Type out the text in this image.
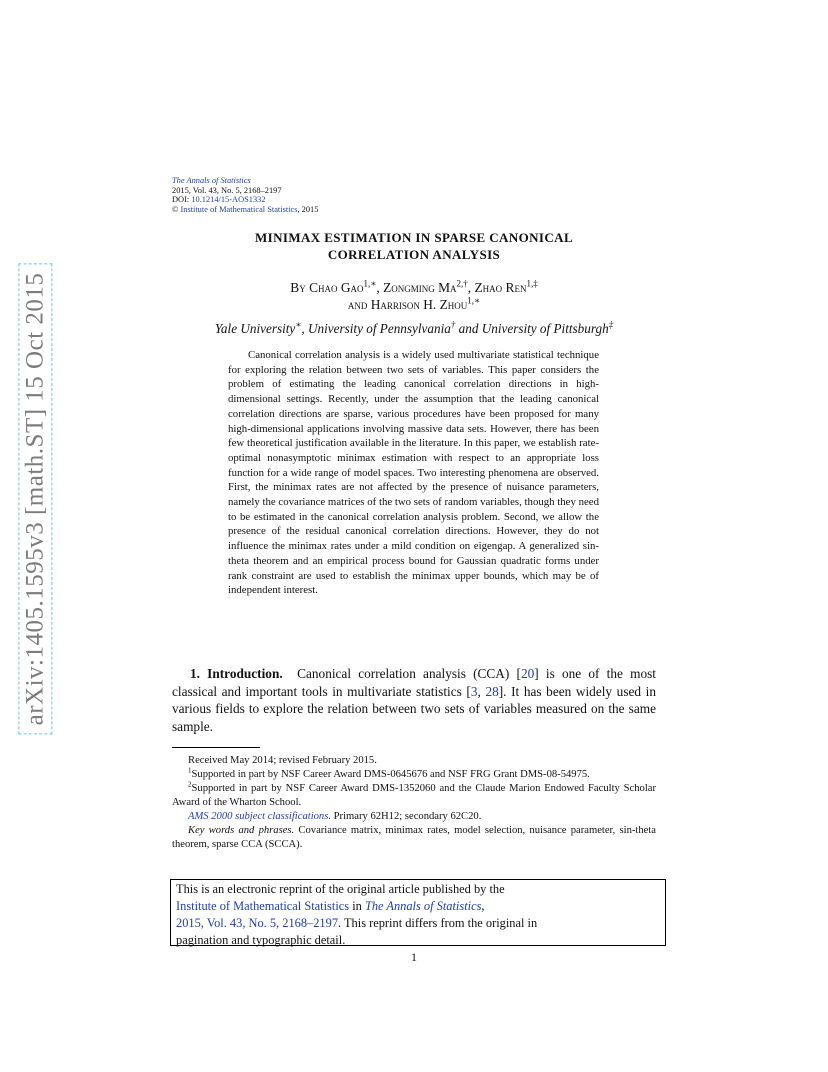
arXiv:1405.1595v3 [math.ST] 15 Oct 2015
The Annals of Statistics
2015, Vol. 43, No. 5, 2168–2197
DOI: 10.1214/15-AOS1332
© Institute of Mathematical Statistics, 2015
MINIMAX ESTIMATION IN SPARSE CANONICAL
CORRELATION ANALYSIS
By Chao Gao$^{1,∗}$, Zongming $Ma^{2,\dagger}$, Zhao Ren$^{1,\ddagger}$
and Harrison H. Zhou$^{1,∗}$
Yale University∗, University of Pennsylvania† and University of Pittsburgh‡
Canonical correlation analysis is a widely used multivariate statistical technique for exploring the relation between two sets of variables. This paper considers the problem of estimating the leading canonical correlation directions in high-dimensional settings. Recently, under the assumption that the leading canonical correlation directions are sparse, various procedures have been proposed for many high-dimensional applications involving massive data sets. However, there has been few theoretical justification available in the literature. In this paper, we establish rate-optimal nonasymptotic minimax estimation with respect to an appropriate loss function for a wide range of model spaces. Two interesting phenomena are observed. First, the minimax rates are not affected by the presence of nuisance parameters, namely the covariance matrices of the two sets of random variables, though they need to be estimated in the canonical correlation analysis problem. Second, we allow the presence of the residual canonical correlation directions. However, they do not influence the minimax rates under a mild condition on eigengap. A generalized sin-theta theorem and an empirical process bound for Gaussian quadratic forms under rank constraint are used to establish the minimax upper bounds, which may be of independent interest.
1. Introduction. Canonical correlation analysis (CCA) [20] is one of the most classical and important tools in multivariate statistics [3, 28]. It has been widely used in various fields to explore the relation between two sets of variables measured on the same sample.

Received May 2014; revised February 2015.

$^1$Supported in part by NSF Career Award DMS-0645676 and NSF FRG Grant DMS-08-54975.

$^2$Supported in part by NSF Career Award DMS-1352060 and the Claude Marion Endowed Faculty Scholar Award of the Wharton School.

AMS 2000 subject classifications. Primary 62H12; secondary 62C20.

Key words and phrases. Covariance matrix, minimax rates, model selection, nuisance parameter, sin-theta theorem, sparse CCA (SCCA).

This is an electronic reprint of the original article published by the
Institute of Mathematical Statistics in The Annals of Statistics,
2015, Vol. 43, No. 5, 2168–2197. This reprint differs from the original in
pagination and typographic detail.
1
